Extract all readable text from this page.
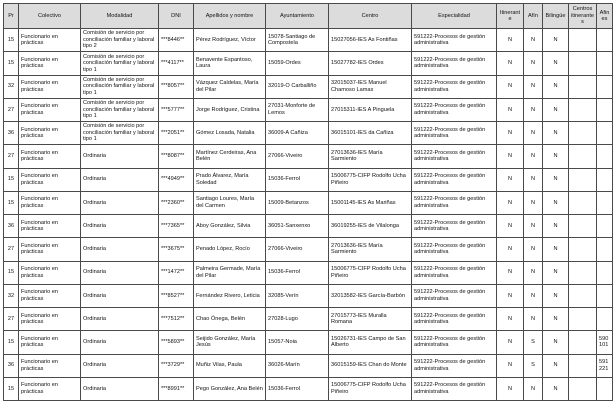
Pr	Colectivo	Modalidad	DNI	Apellidos y nombre	Ayuntamiento	Centro	Especialidad	Itinerante	Afín	Bilingüe	Centros itinerantes	Afines
15	Funcionario en prácticas	Comisión de servicio por conciliación familiar y laboral tipo 2	***8446**	Pérez Rodríguez, Víctor	15078-Santiago de Compostela	15027056-IES As Fontiñas	591222-Procesos de gestión administrativa	N	N	N		
15	Funcionario en prácticas	Comisión de servicio por conciliación familiar y laboral tipo 1	***4117**	Benavente Espantoso, Laura	15059-Ordes	15027782-IES Ordes	591222-Procesos de gestión administrativa	N	N	N		
32	Funcionario en prácticas	Comisión de servicio por conciliación familiar y laboral tipo 1	***8057**	Vázquez Caldelas, María del Pilar	32019-O Carballiño	32015037-IES Manuel Chamoso Lamas	591222-Procesos de gestión administrativa	N	N	N		
27	Funcionario en prácticas	Comisión de servicio por conciliación familiar y laboral tipo 1	***5777**	Jorge Rodríguez, Cristina	27031-Monforte de Lemos	27015311-IES A Pinguela	591222-Procesos de gestión administrativa	N	N	N		
36	Funcionario en prácticas	Comisión de servicio por conciliación familiar y laboral tipo 1	***2051**	Gómez Losada, Natalia	36009-A Cañiza	36015101-IES da Cañiza	591222-Procesos de gestión administrativa	N	N	N		
27	Funcionario en prácticas	Ordinaria	***8087**	Martínez Cerdeiras, Ana Belén	27066-Viveiro	27013636-IES María Sarmiento	591222-Procesos de gestión administrativa	N	N	N		
15	Funcionario en prácticas	Ordinaria	***4949**	Prado Álvarez, María Soledad	15036-Ferrol	15006775-CIFP Rodolfo Ucha Piñeiro	591222-Procesos de gestión administrativa	N	N	N		
15	Funcionario en prácticas	Ordinaria	***2360**	Santiago Loures, María del Carmen	15009-Betanzos	15001145-IES As Mariñas	591222-Procesos de gestión administrativa	N	N	N		
36	Funcionario en prácticas	Ordinaria	***7365**	Aboy González, Silvia	36051-Sanxenxo	36019255-IES de Vilalonga	591222-Procesos de gestión administrativa	N	N	N		
27	Funcionario en prácticas	Ordinaria	***3675**	Penado López, Rocío	27066-Viveiro	27013636-IES María Sarmiento	591222-Procesos de gestión administrativa	N	N	N		
15	Funcionario en prácticas	Ordinaria	***1472**	Palmeira Germade, María del Pilar	15036-Ferrol	15006775-CIFP Rodolfo Ucha Piñeiro	591222-Procesos de gestión administrativa	N	N	N		
32	Funcionario en prácticas	Ordinaria	***8527**	Fernández Rivero, Leticia	32085-Verín	32013582-IES García-Barbón	591222-Procesos de gestión administrativa	N	N	N		
27	Funcionario en prácticas	Ordinaria	***7512**	Chao Ónega, Belén	27028-Lugo	27015773-IES Muralla Romana	591222-Procesos de gestión administrativa	N	N	N		
15	Funcionario en prácticas	Ordinaria	***5893**	Seijido González, María Jesús	15057-Noia	15026731-IES Campo de San Alberto	591222-Procesos de gestión administrativa	N	S	N		590101
36	Funcionario en prácticas	Ordinaria	***3729**	Muñiz Vilas, Paula	36026-Marín	36015159-IES Chan do Monte	591222-Procesos de gestión administrativa	N	S	N		591221
15	Funcionario en prácticas	Ordinaria	***8991**	Pego González, Ana Belén	15036-Ferrol	15006775-CIFP Rodolfo Ucha Piñeiro	591222-Procesos de gestión administrativa	N	N	N		
